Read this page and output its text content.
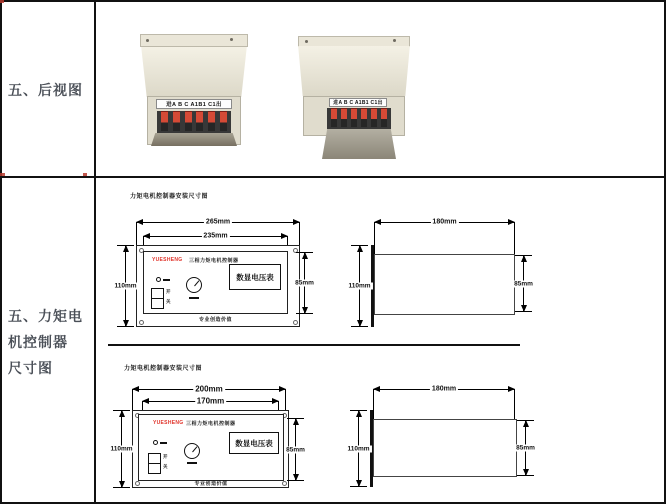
五、后视图
五、力矩电
机控制器
尺寸图
进A B C A1B1 C1出	进A B C A1B1 C1出
力矩电机控制器安装尺寸图
265mm
235mm
YUESHENG 三相力矩电机控制器
数显电压表
开
关
专业创造价值
110mm	85mm
180mm
110mm	85mm
力矩电机控制器安装尺寸图
200mm
170mm
YUESHENG 三相力矩电机控制器
数显电压表
开
关
专业创造价值
110mm	85mm
180mm
110mm	85mm
